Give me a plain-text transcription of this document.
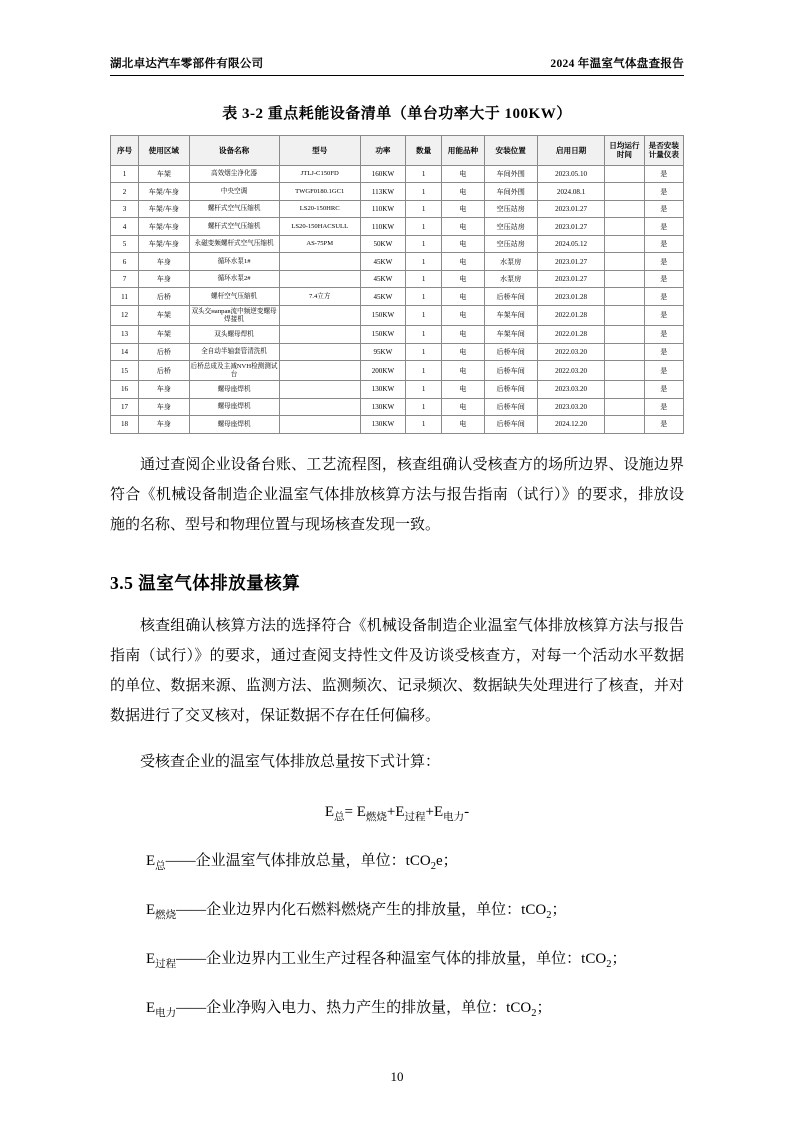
湖北卓达汽车零部件有限公司	2024 年温室气体盘查报告
表 3-2 重点耗能设备清单（单台功率大于 100KW）
序号	使用区域	设备名称	型号	功率	数量	用能品种	安装位置	启用日期	日均运行时间	是否安装计量仪表
1	车架	高效烟尘净化器	JTLJ-C150FD	160KW	1	电	车间外围	2023.05.10		是
2	车架/车身	中央空调	TWGF0180.1GC1	113KW	1	电	车间外围	2024.08.1		是
3	车架/车身	螺杆式空气压缩机	LS20-150HRC	110KW	1	电	空压站房	2023.01.27		是
4	车架/车身	螺杆式空气压缩机	LS20-150HACSULL	110KW	1	电	空压站房	2023.01.27		是
5	车架/车身	永磁变频螺杆式空气压缩机	AS-75PM	50KW	1	电	空压站房	2024.05.12		是
6	车身	循环水泵1#		45KW	1	电	水泵房	2023.01.27		是
7	车身	循环水泵2#		45KW	1	电	水泵房	2023.01.27		是
11	后桥	螺杆空气压缩机	7.4立方	45KW	1	电	后桥车间	2023.01.28		是
12	车架	双头交направ流中频逆变螺母焊接机		150KW	1	电	车架车间	2022.01.28		是
13	车架	双头螺母焊机		150KW	1	电	车架车间	2022.01.28		是
14	后桥	全自动半轴套管清洗机		95KW	1	电	后桥车间	2022.03.20		是
15	后桥	后桥总成及主减NVH检测测试台		200KW	1	电	后桥车间	2022.03.20		是
16	车身	螺母座焊机		130KW	1	电	后桥车间	2023.03.20		是
17	车身	螺母座焊机		130KW	1	电	后桥车间	2023.03.20		是
18	车身	螺母座焊机		130KW	1	电	后桥车间	2024.12.20		是

通过查阅企业设备台账、工艺流程图，核查组确认受核查方的场所边界、设施边界符合《机械设备制造企业温室气体排放核算方法与报告指南（试行）》的要求，排放设施的名称、型号和物理位置与现场核查发现一致。

3.5 温室气体排放量核算

核查组确认核算方法的选择符合《机械设备制造企业温室气体排放核算方法与报告指南（试行）》的要求，通过查阅支持性文件及访谈受核查方，对每一个活动水平数据的单位、数据来源、监测方法、监测频次、记录频次、数据缺失处理进行了核查，并对数据进行了交叉核对，保证数据不存在任何偏移。

受核查企业的温室气体排放总量按下式计算：

$E_总= E_{燃烧}+E_{过程}+E_{电力}-$

$E_总——$企业温室气体排放总量，单位：tCO$_2$e；

$E_{燃烧}——$企业边界内化石燃料燃烧产生的排放量，单位：tCO$_2$；

$E_{过程}——$企业边界内工业生产过程各种温室气体的排放量，单位：tCO$_2$；

$E_{电力}——$企业净购入电力、热力产生的排放量，单位：tCO$_2$；

10
